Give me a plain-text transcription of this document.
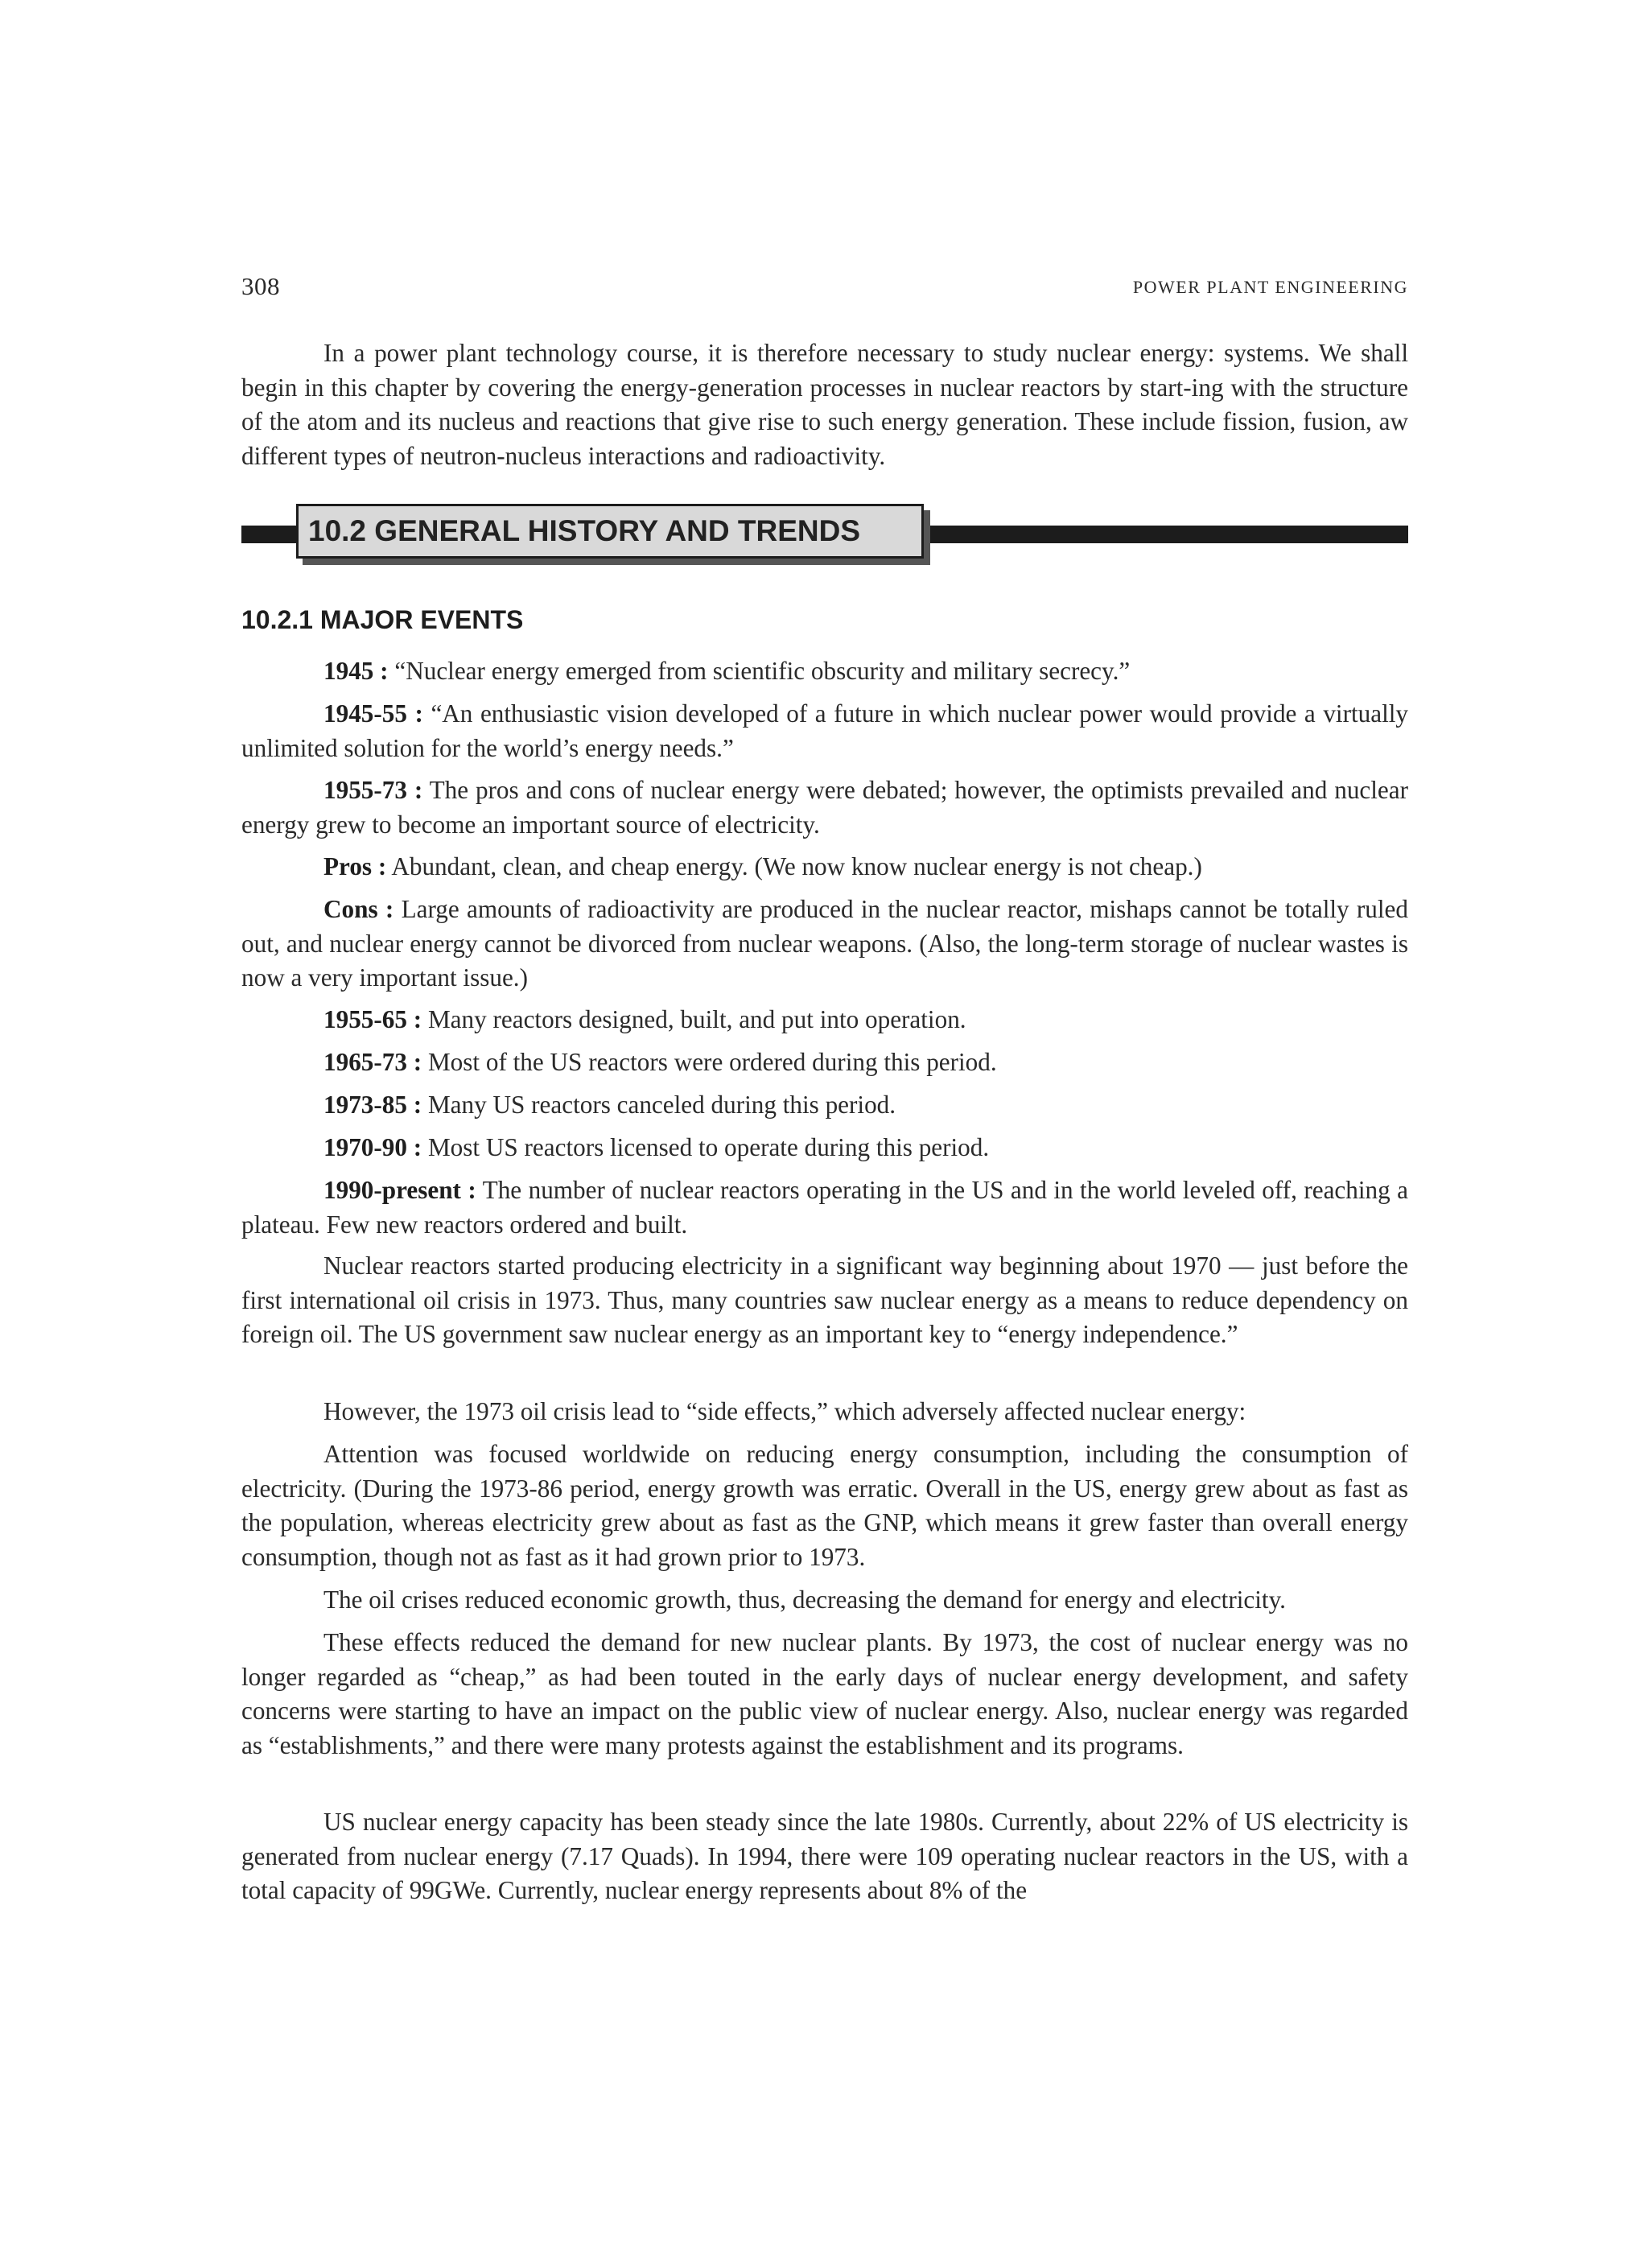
308	POWER PLANT ENGINEERING

In a power plant technology course, it is therefore necessary to study nuclear energy: systems. We shall begin in this chapter by covering the energy-generation processes in nuclear reactors by start-ing with the structure of the atom and its nucleus and reactions that give rise to such energy generation. These include fission, fusion, aw different types of neutron-nucleus interactions and radioactivity.

10.2 GENERAL HISTORY AND TRENDS
10.2.1 MAJOR EVENTS

1945 : “Nuclear energy emerged from scientific obscurity and military secrecy.”

1945-55 : “An enthusiastic vision developed of a future in which nuclear power would provide a virtually unlimited solution for the world’s energy needs.”

1955-73 : The pros and cons of nuclear energy were debated; however, the optimists prevailed and nuclear energy grew to become an important source of electricity.

Pros : Abundant, clean, and cheap energy. (We now know nuclear energy is not cheap.)

Cons : Large amounts of radioactivity are produced in the nuclear reactor, mishaps cannot be totally ruled out, and nuclear energy cannot be divorced from nuclear weapons. (Also, the long-term storage of nuclear wastes is now a very important issue.)

1955-65 : Many reactors designed, built, and put into operation.

1965-73 : Most of the US reactors were ordered during this period.

1973-85 : Many US reactors canceled during this period.

1970-90 : Most US reactors licensed to operate during this period.

1990-present : The number of nuclear reactors operating in the US and in the world leveled off, reaching a plateau. Few new reactors ordered and built.

Nuclear reactors started producing electricity in a significant way beginning about 1970 — just before the first international oil crisis in 1973. Thus, many countries saw nuclear energy as a means to reduce dependency on foreign oil. The US government saw nuclear energy as an important key to “energy independence.”

However, the 1973 oil crisis lead to “side effects,” which adversely affected nuclear energy:

Attention was focused worldwide on reducing energy consumption, including the consumption of electricity. (During the 1973-86 period, energy growth was erratic. Overall in the US, energy grew about as fast as the population, whereas electricity grew about as fast as the GNP, which means it grew faster than overall energy consumption, though not as fast as it had grown prior to 1973.

The oil crises reduced economic growth, thus, decreasing the demand for energy and electricity.

These effects reduced the demand for new nuclear plants. By 1973, the cost of nuclear energy was no longer regarded as “cheap,” as had been touted in the early days of nuclear energy development, and safety concerns were starting to have an impact on the public view of nuclear energy. Also, nuclear energy was regarded as “establishments,” and there were many protests against the establishment and its programs.

US nuclear energy capacity has been steady since the late 1980s. Currently, about 22% of US electricity is generated from nuclear energy (7.17 Quads). In 1994, there were 109 operating nuclear reactors in the US, with a total capacity of 99GWe. Currently, nuclear energy represents about 8% of the
